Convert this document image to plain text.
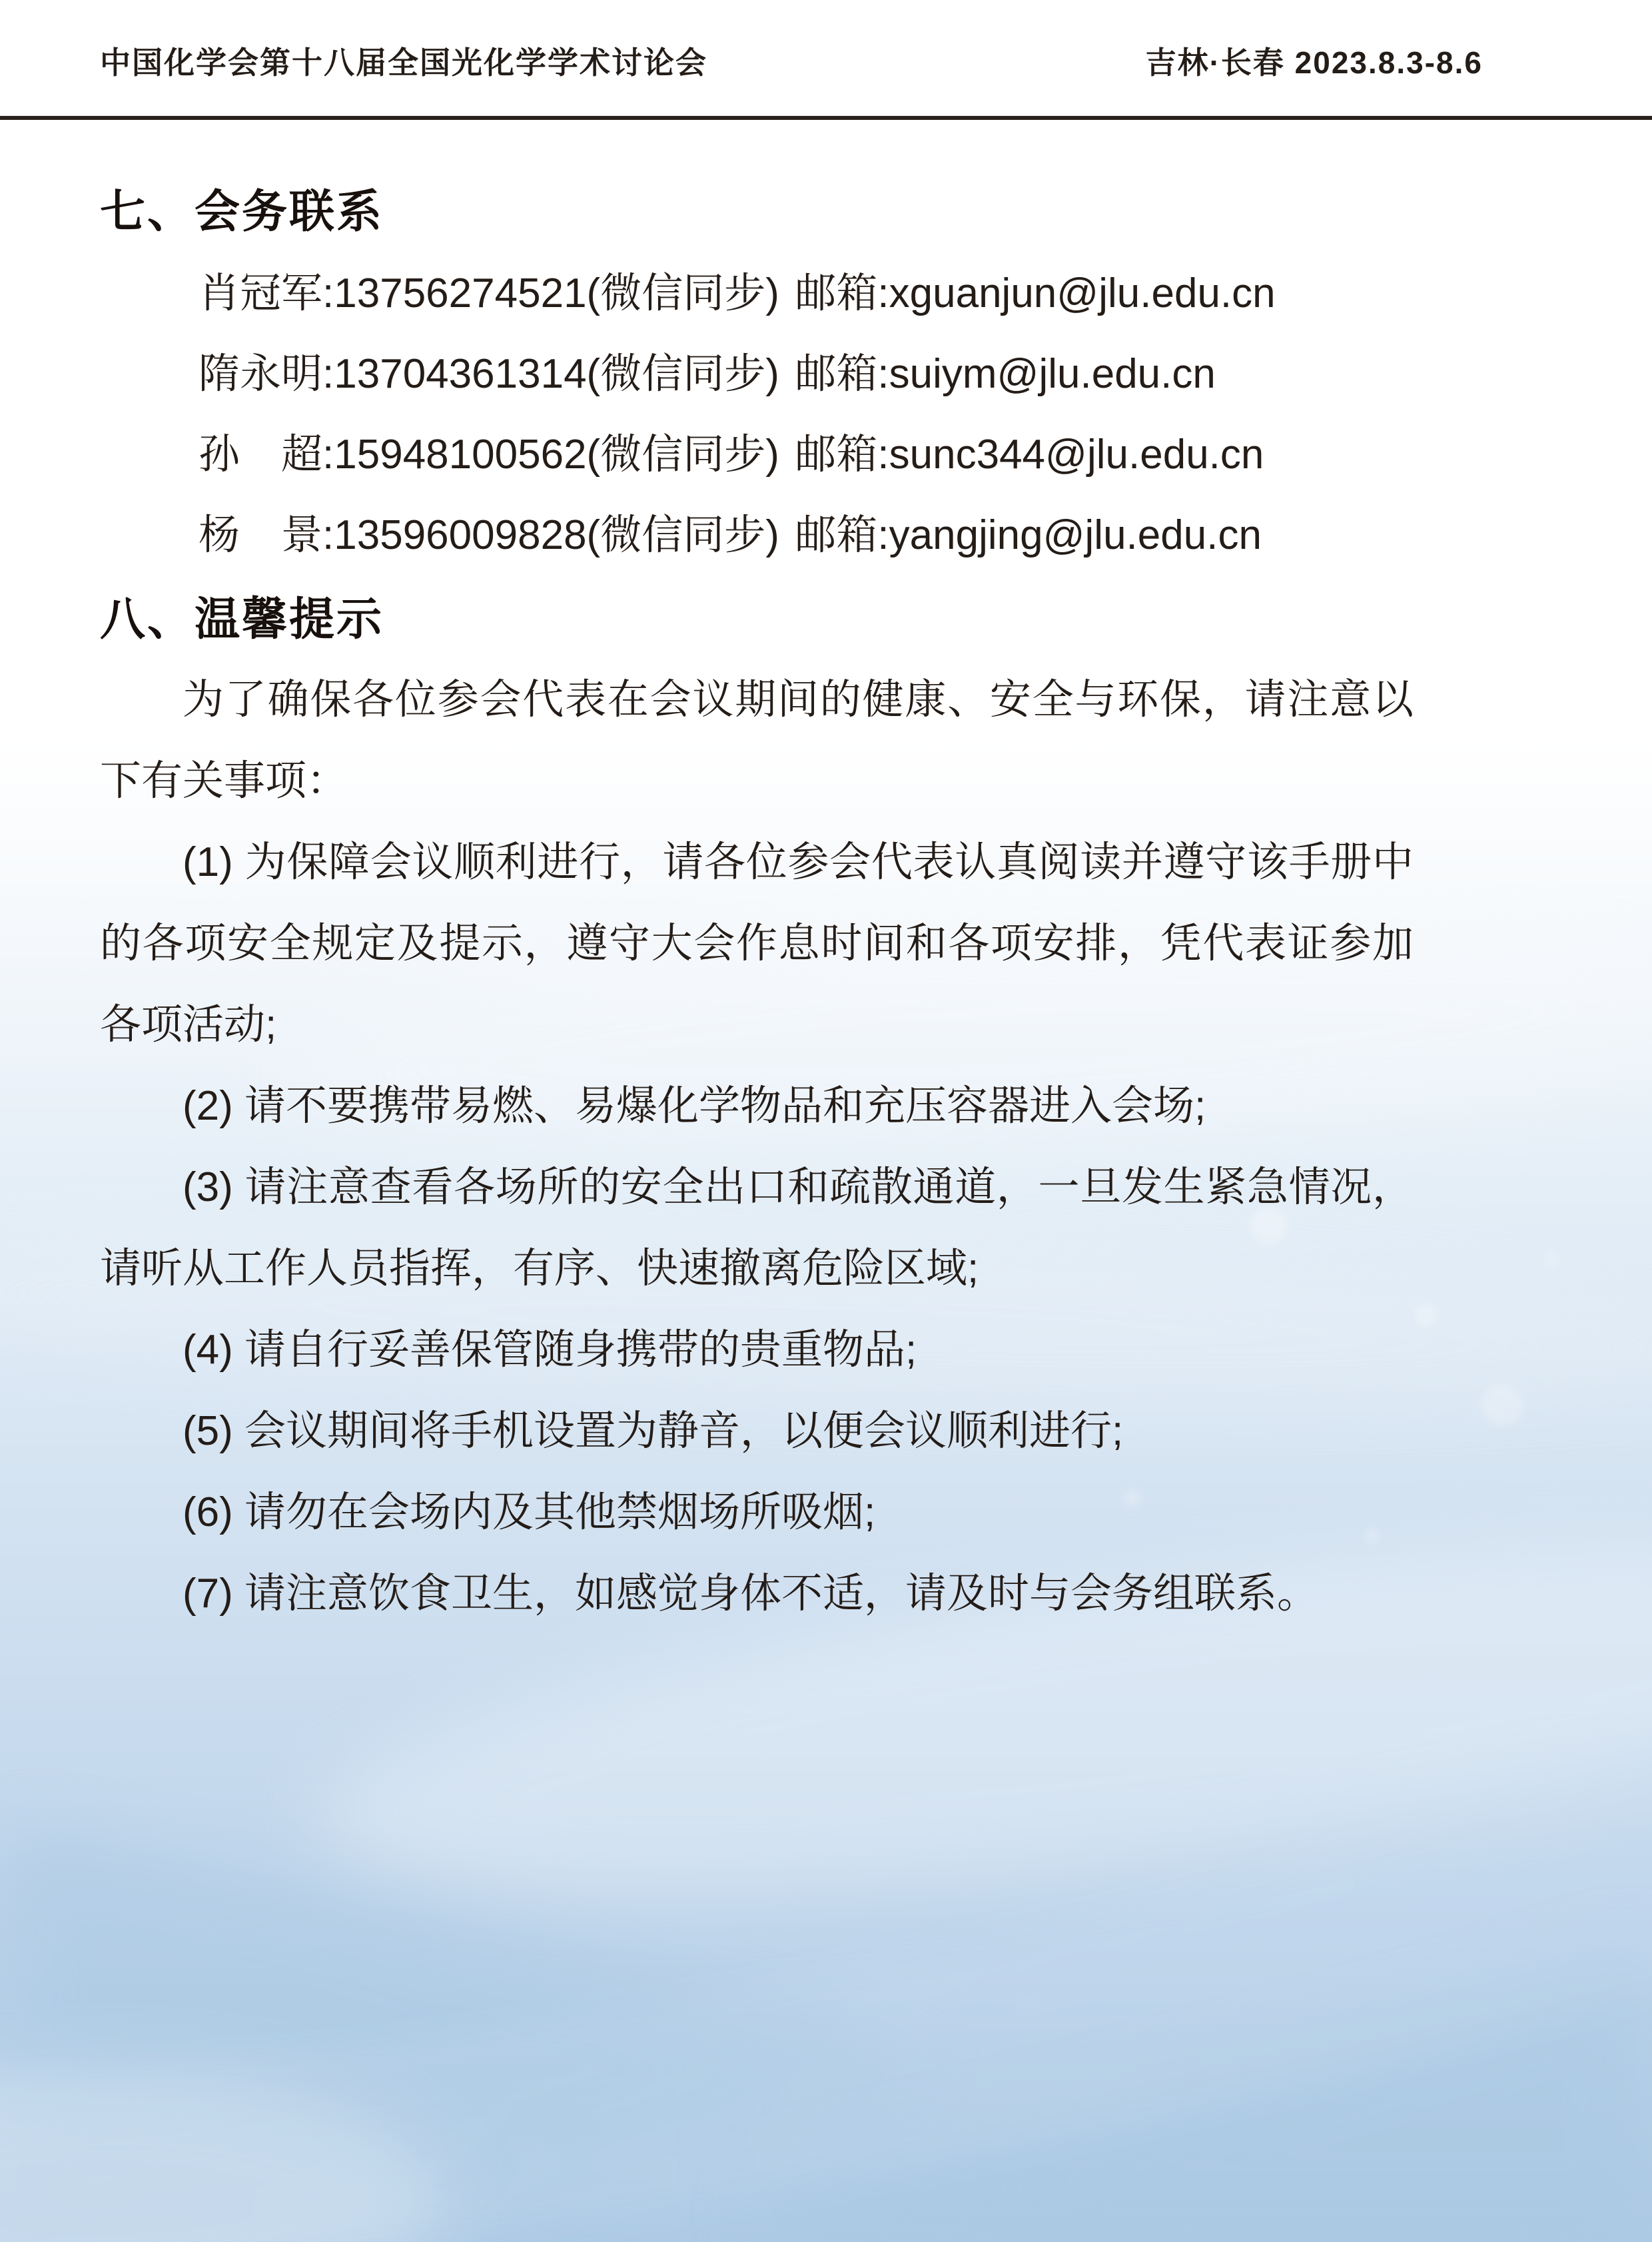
中国化学会第十八届全国光化学学术讨论会	吉林·长春 2023.8.3-8.6
七、会务联系

肖冠军:13756274521(微信同步) 邮箱:xguanjun@jlu.edu.cn

隋永明:13704361314(微信同步) 邮箱:suiym@jlu.edu.cn

孙　超:15948100562(微信同步) 邮箱:sunc344@jlu.edu.cn

杨　景:13596009828(微信同步) 邮箱:yangjing@jlu.edu.cn

八、温馨提示

为了确保各位参会代表在会议期间的健康、安全与环保，请注意以下有关事项：

(1) 为保障会议顺利进行，请各位参会代表认真阅读并遵守该手册中的各项安全规定及提示，遵守大会作息时间和各项安排，凭代表证参加各项活动;

(2) 请不要携带易燃、易爆化学物品和充压容器进入会场;

(3) 请注意查看各场所的安全出口和疏散通道，一旦发生紧急情况，请听从工作人员指挥，有序、快速撤离危险区域;

(4) 请自行妥善保管随身携带的贵重物品;

(5) 会议期间将手机设置为静音，以便会议顺利进行;

(6) 请勿在会场内及其他禁烟场所吸烟;

(7) 请注意饮食卫生，如感觉身体不适，请及时与会务组联系。
